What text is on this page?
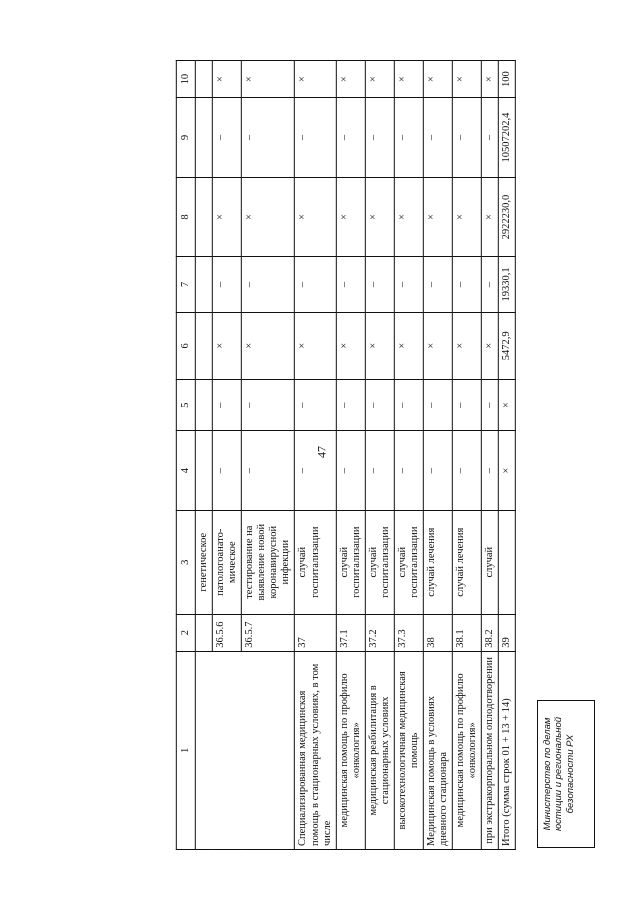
47
1	2	3	4	5	6	7	8	9	10
		генетическое							
	36.5.6	патологоанато-мическое	–	–	×	–	×	–	×
	36.5.7	тестирование на выявление новой коронавирусной инфекции	–	–	×	–	×	–	×
Специализированная медицинская помощь в стационарных условиях, в том числе	37	случай госпитализации	–	–	×	–	×	–	×
медицинская помощь по профилю «онкология»	37.1	случай госпитализации	–	–	×	–	×	–	×
медицинская реабилитация в стационарных условиях	37.2	случай госпитализации	–	–	×	–	×	–	×
высокотехнологичная медицинская помощь	37.3	случай госпитализации	–	–	×	–	×	–	×
Медицинская помощь в условиях дневного стационара	38	случай лечения	–	–	×	–	×	–	×
медицинская помощь по профилю «онкология»	38.1	случай лечения	–	–	×	–	×	–	×
при экстракорпоральном оплодотворении	38.2	случай	–	–	×	–	×	–	×
Итого (сумма строк 01 + 13 + 14)	39		×	×	5472,9	19330,1	2922230,0	10507202,4	100
Министерство по делам юстиции и региональной безопасности РХ
